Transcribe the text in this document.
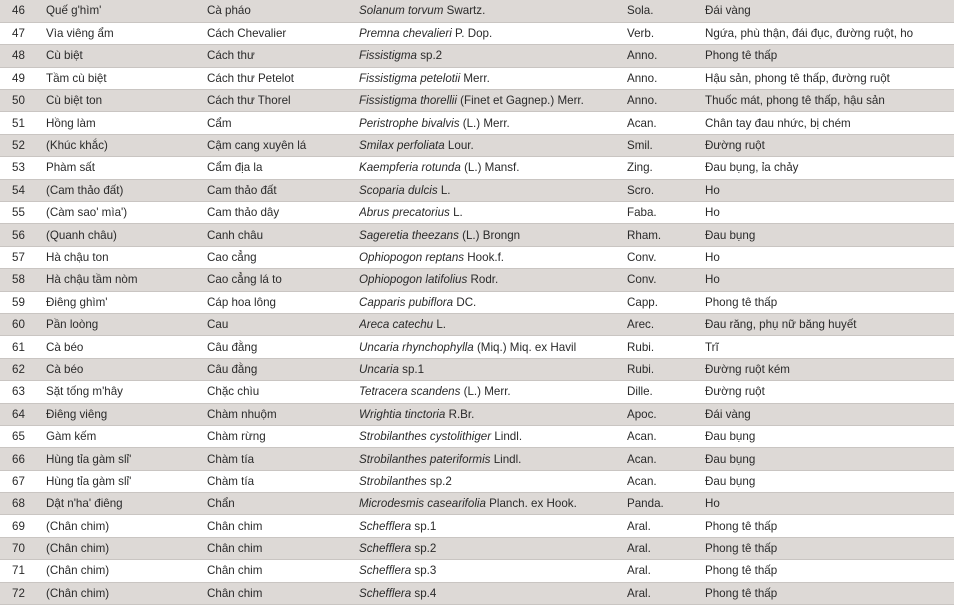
46	Quế g'hìm'	Cà pháo	Solanum torvum Swartz.	Sola.	Đái vàng
47	Vìa viêng ẩm	Cách Chevalier	Premna chevalieri P. Dop.	Verb.	Ngứa, phù thận, đái đục, đường ruột, ho
48	Cù biệt	Cách thư	Fissistigma sp.2	Anno.	Phong tê thấp
49	Tầm cù biệt	Cách thư Petelot	Fissistigma petelotii Merr.	Anno.	Hậu sản, phong tê thấp, đường ruột
50	Cù biệt ton	Cách thư Thorel	Fissistigma thorellii (Finet et Gagnep.) Merr.	Anno.	Thuốc mát, phong tê thấp, hậu sản
51	Hồng làm	Cẩm	Peristrophe bivalvis (L.) Merr.	Acan.	Chân tay đau nhức, bị chém
52	(Khúc khắc)	Cậm cang xuyên lá	Smilax perfoliata Lour.	Smil.	Đường ruột
53	Phàm sất	Cẩm địa la	Kaempferia rotunda (L.) Mansf.	Zing.	Đau bụng, ỉa chảy
54	(Cam thảo đất)	Cam thảo đất	Scoparia dulcis L.	Scro.	Ho
55	(Càm sao' mìa')	Cam thảo dây	Abrus precatorius L.	Faba.	Ho
56	(Quanh châu)	Canh châu	Sageretia theezans (L.) Brongn	Rham.	Đau bụng
57	Hà chậu ton	Cao cẳng	Ophiopogon reptans Hook.f.	Conv.	Ho
58	Hà chậu tầm nòm	Cao cẳng lá to	Ophiopogon latifolius Rodr.	Conv.	Ho
59	Điêng ghìm'	Cáp hoa lông	Capparis pubiflora DC.	Capp.	Phong tê thấp
60	Pần loòng	Cau	Areca catechu L.	Arec.	Đau răng, phụ nữ băng huyết
61	Cà béo	Câu đằng	Uncaria rhynchophylla (Miq.) Miq. ex Havil	Rubi.	Trĩ
62	Cà béo	Câu đằng	Uncaria sp.1	Rubi.	Đường ruột kém
63	Sặt tống m'hây	Chặc chìu	Tetracera scandens (L.) Merr.	Dille.	Đường ruột
64	Điêng viêng	Chàm nhuộm	Wrightia tinctoria R.Br.	Apoc.	Đái vàng
65	Gàm kếm	Chàm rừng	Strobilanthes cystolithiger Lindl.	Acan.	Đau bụng
66	Hùng tỉa gàm slỉ'	Chàm tía	Strobilanthes pateriformis Lindl.	Acan.	Đau bụng
67	Hùng tỉa gàm slỉ'	Chàm tía	Strobilanthes sp.2	Acan.	Đau bụng
68	Dật n'ha' điêng	Chẩn	Microdesmis casearifolia Planch. ex Hook.	Panda.	Ho
69	(Chân chim)	Chân chim	Schefflera sp.1	Aral.	Phong tê thấp
70	(Chân chim)	Chân chim	Schefflera sp.2	Aral.	Phong tê thấp
71	(Chân chim)	Chân chim	Schefflera sp.3	Aral.	Phong tê thấp
72	(Chân chim)	Chân chim	Schefflera sp.4	Aral.	Phong tê thấp
